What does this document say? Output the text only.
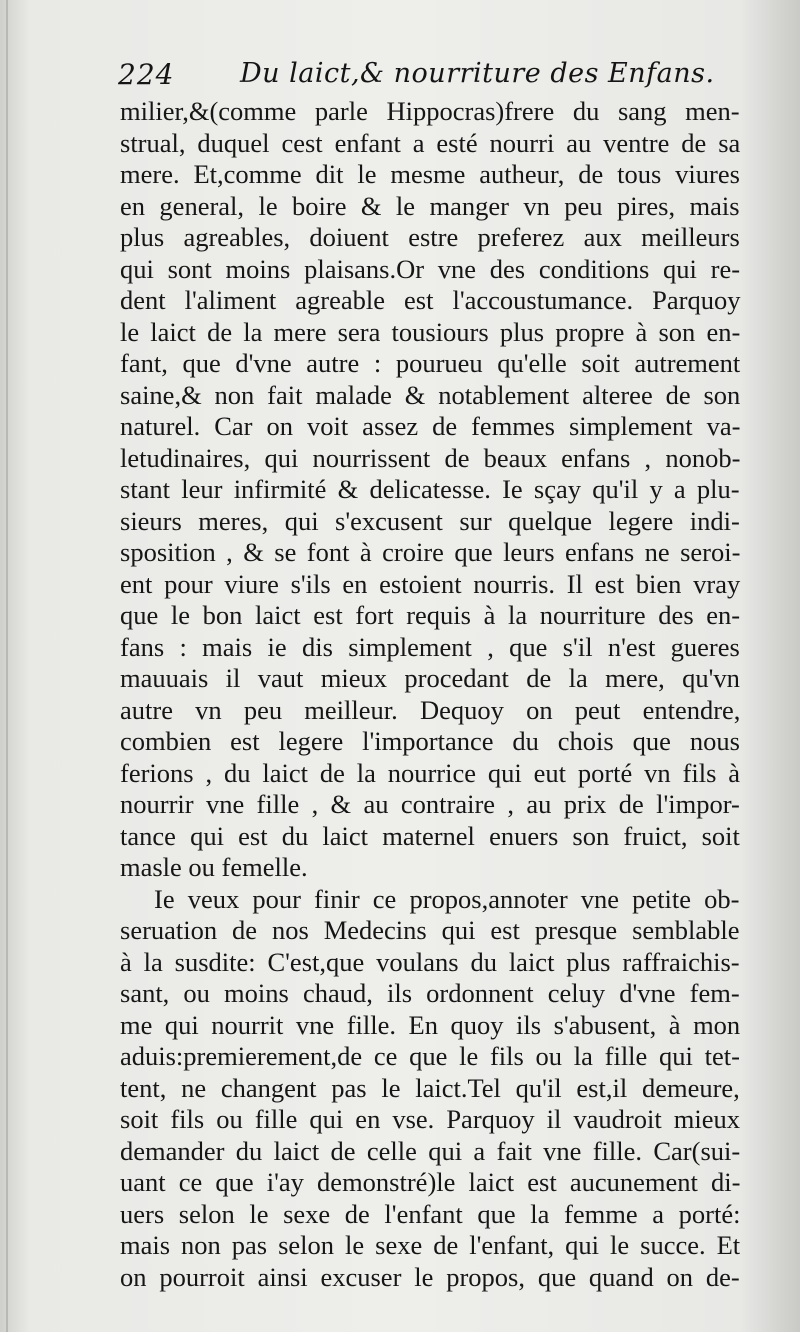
224 Du laict,& nourriture des Enfans.
milier,&(comme parle Hippocras)frere du sang men-
strual, duquel cest enfant a esté nourri au ventre de sa
mere. Et,comme dit le mesme autheur, de tous viures
en general, le boire & le manger vn peu pires, mais
plus agreables, doiuent estre preferez aux meilleurs
qui sont moins plaisans.Or vne des conditions qui re-
dent l'aliment agreable est l'accoustumance. Parquoy
le laict de la mere sera tousiours plus propre à son en-
fant, que d'vne autre : pourueu qu'elle soit autrement
saine,& non fait malade & notablement alteree de son
naturel. Car on voit assez de femmes simplement va-
letudinaires, qui nourrissent de beaux enfans , nonob-
stant leur infirmité & delicatesse. Ie sçay qu'il y a plu-
sieurs meres, qui s'excusent sur quelque legere indi-
sposition , & se font à croire que leurs enfans ne seroi-
ent pour viure s'ils en estoient nourris. Il est bien vray
que le bon laict est fort requis à la nourriture des en-
fans : mais ie dis simplement , que s'il n'est gueres
mauuais il vaut mieux procedant de la mere, qu'vn
autre vn peu meilleur. Dequoy on peut entendre,
combien est legere l'importance du chois que nous
ferions , du laict de la nourrice qui eut porté vn fils à
nourrir vne fille , & au contraire , au prix de l'impor-
tance qui est du laict maternel enuers son fruict, soit
masle ou femelle.
Ie veux pour finir ce propos,annoter vne petite ob-
seruation de nos Medecins qui est presque semblable
à la susdite: C'est,que voulans du laict plus raffraichis-
sant, ou moins chaud, ils ordonnent celuy d'vne fem-
me qui nourrit vne fille. En quoy ils s'abusent, à mon
aduis:premierement,de ce que le fils ou la fille qui tet-
tent, ne changent pas le laict.Tel qu'il est,il demeure,
soit fils ou fille qui en vse. Parquoy il vaudroit mieux
demander du laict de celle qui a fait vne fille. Car(sui-
uant ce que i'ay demonstré)le laict est aucunement di-
uers selon le sexe de l'enfant que la femme a porté:
mais non pas selon le sexe de l'enfant, qui le succe. Et
on pourroit ainsi excuser le propos, que quand on de-
